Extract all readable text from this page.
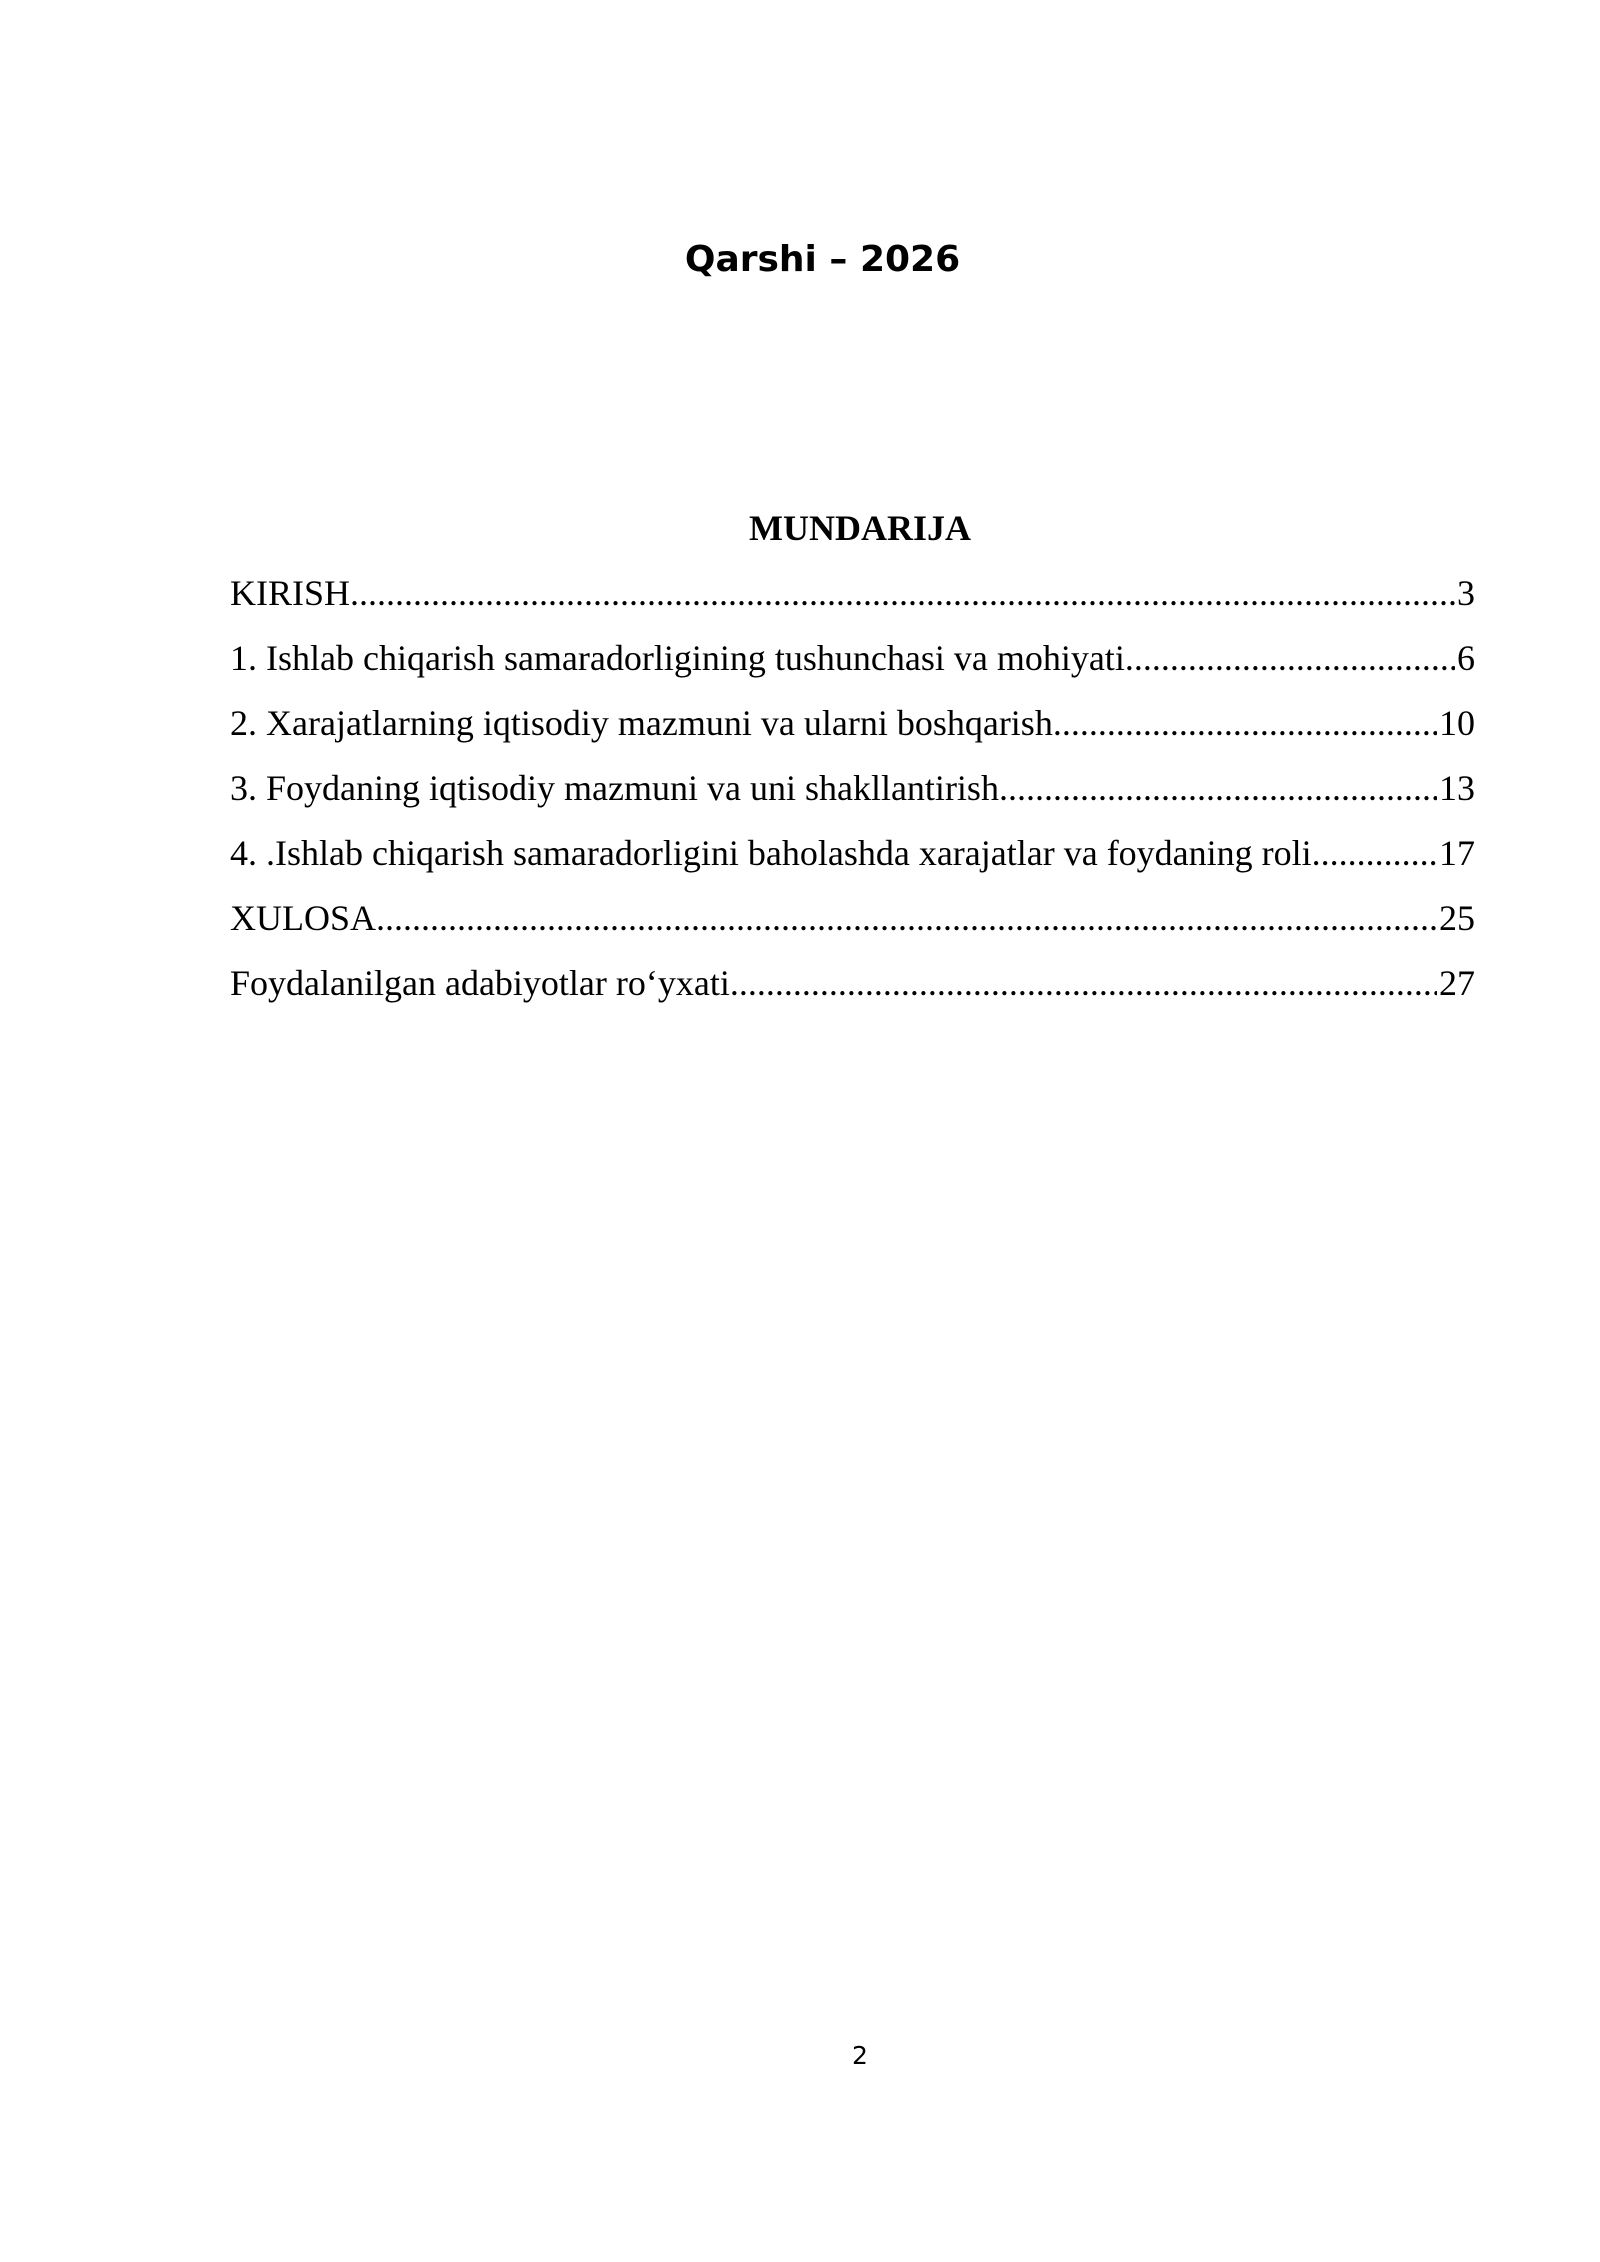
Qarshi – 2026

MUNDARIJA
KIRISH .....	3
1. Ishlab chiqarish samaradorligining tushunchasi va mohiyati .....	6
2. Xarajatlarning iqtisodiy mazmuni va ularni boshqarish .....	10
3. Foydaning iqtisodiy mazmuni va uni shakllantirish .....	13
4. .Ishlab chiqarish samaradorligini baholashda xarajatlar va foydaning roli .....	17
XULOSA .....	25
Foydalanilgan adabiyotlar ro‘yxati .....	27

2
